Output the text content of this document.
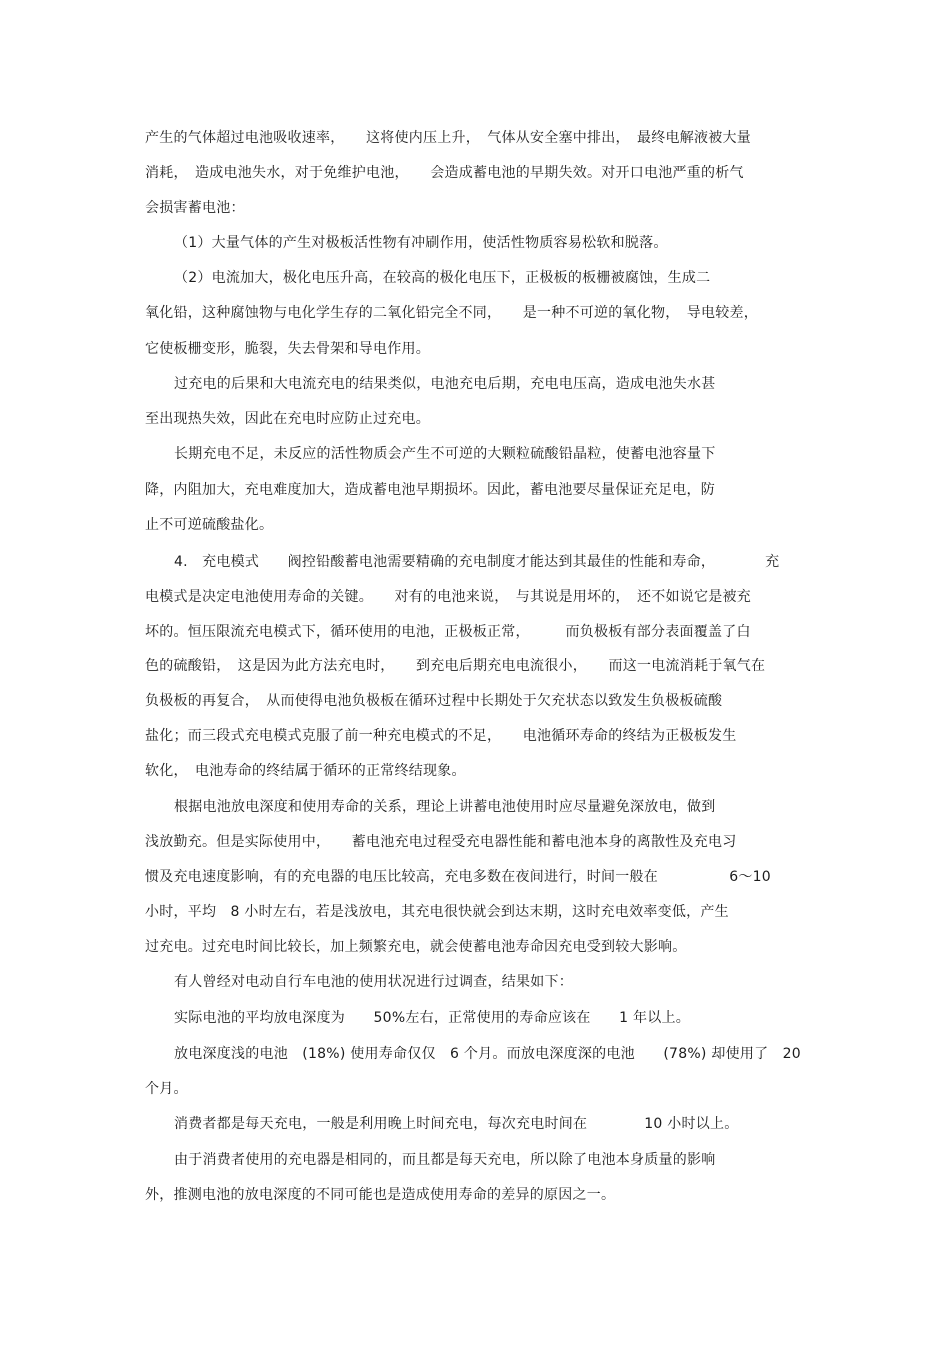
产生的气体超过电池吸收速率，　　这将使内压上升，　气体从安全塞中排出，　最终电解液被大量

消耗，　造成电池失水，对于免维护电池，　　会造成蓄电池的早期失效。对开口电池严重的析气

会损害蓄电池：

（1）大量气体的产生对极板活性物有冲刷作用，使活性物质容易松软和脱落。

（2）电流加大，极化电压升高，在较高的极化电压下，正极板的板栅被腐蚀，生成二

氧化铅，这种腐蚀物与电化学生存的二氧化铅完全不同，　　是一种不可逆的氧化物，　导电较差，

它使板栅变形，脆裂，失去骨架和导电作用。

过充电的后果和大电流充电的结果类似，电池充电后期，充电电压高，造成电池失水甚

至出现热失效，因此在充电时应防止过充电。

长期充电不足，未反应的活性物质会产生不可逆的大颗粒硫酸铅晶粒，使蓄电池容量下

降，内阻加大，充电难度加大，造成蓄电池早期损坏。因此，蓄电池要尽量保证充足电，防

止不可逆硫酸盐化。

4.　充电模式　　阀控铅酸蓄电池需要精确的充电制度才能达到其最佳的性能和寿命，　　　　充

电模式是决定电池使用寿命的关键。　　对有的电池来说，　与其说是用坏的，　还不如说它是被充

坏的。恒压限流充电模式下，循环使用的电池，正极板正常，　　　而负极板有部分表面覆盖了白

色的硫酸铅，　这是因为此方法充电时，　　到充电后期充电电流很小，　　而这一电流消耗于氧气在

负极板的再复合，　从而使得电池负极板在循环过程中长期处于欠充状态以致发生负极板硫酸

盐化；而三段式充电模式克服了前一种充电模式的不足，　　电池循环寿命的终结为正极板发生

软化，　电池寿命的终结属于循环的正常终结现象。

根据电池放电深度和使用寿命的关系，理论上讲蓄电池使用时应尽量避免深放电，做到

浅放勤充。但是实际使用中，　　蓄电池充电过程受充电器性能和蓄电池本身的离散性及充电习

惯及充电速度影响，有的充电器的电压比较高，充电多数在夜间进行，时间一般在　　　　　6～10

小时，平均　8 小时左右，若是浅放电，其充电很快就会到达末期，这时充电效率变低，产生

过充电。过充电时间比较长，加上频繁充电，就会使蓄电池寿命因充电受到较大影响。

有人曾经对电动自行车电池的使用状况进行过调查，结果如下：

实际电池的平均放电深度为　　50%左右，正常使用的寿命应该在　　1 年以上。

放电深度浅的电池　(18%) 使用寿命仅仅　6 个月。而放电深度深的电池　　(78%) 却使用了　20

个月。

消费者都是每天充电，一般是利用晚上时间充电，每次充电时间在　　　　10 小时以上。

由于消费者使用的充电器是相同的，而且都是每天充电，所以除了电池本身质量的影响

外，推测电池的放电深度的不同可能也是造成使用寿命的差异的原因之一。
